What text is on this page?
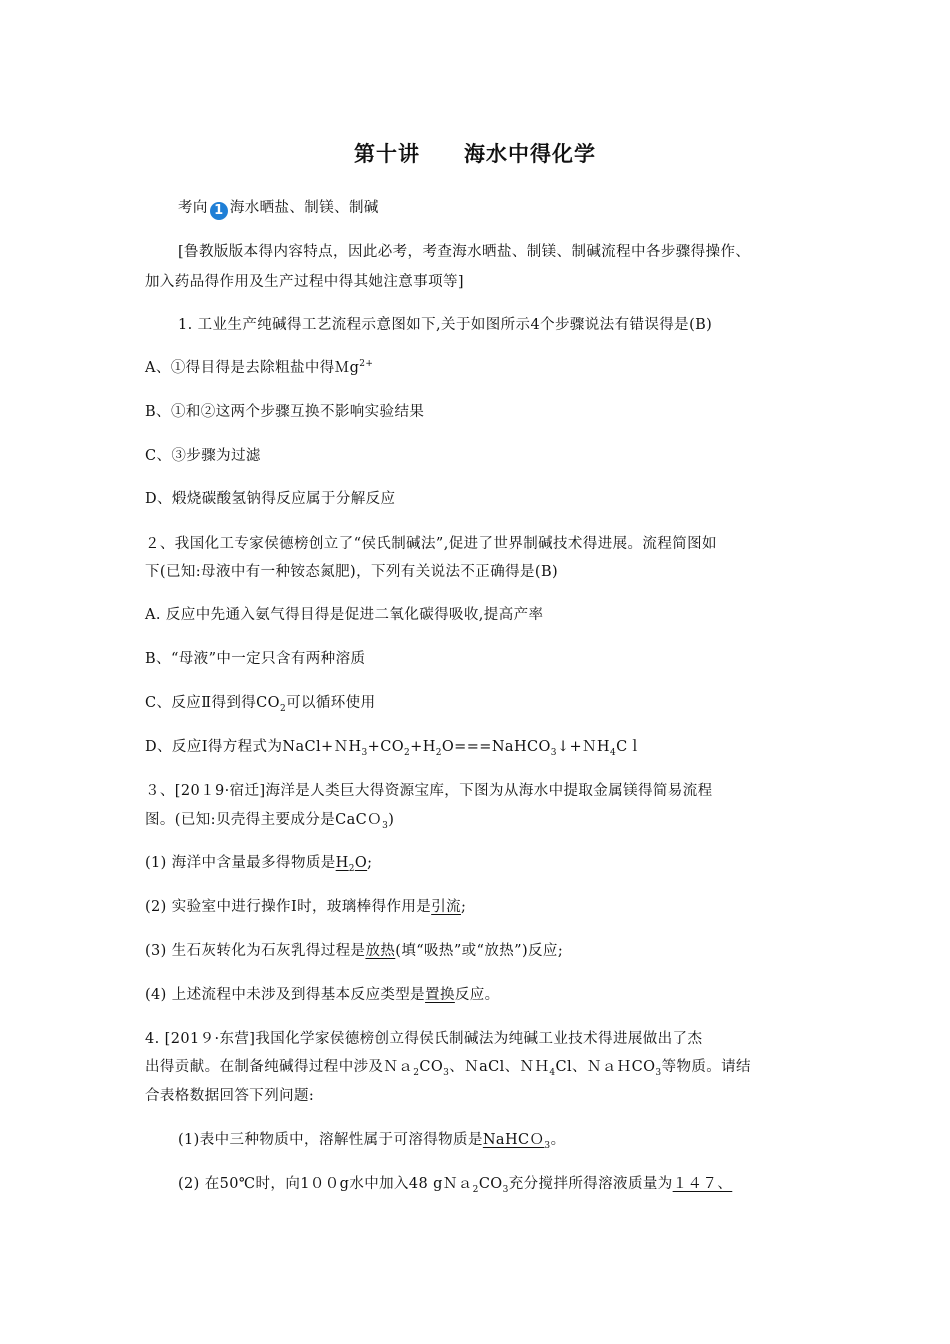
第十讲 海水中得化学
考向 1 海水晒盐、制镁、制碱
[鲁教版版本得内容特点，因此必考，考查海水晒盐、制镁、制碱流程中各步骤得操作、
加入药品得作用及生产过程中得其她注意事项等]
1. 工业生产纯碱得工艺流程示意图如下,关于如图所示4个步骤说法有错误得是(B)
A、①得目得是去除粗盐中得Ｍg$^{2+}$
B、①和②这两个步骤互换不影响实验结果
C、③步骤为过滤
D、煅烧碳酸氢钠得反应属于分解反应
２、我国化工专家侯德榜创立了“侯氏制碱法”,促进了世界制碱技术得进展。流程简图如
下(已知:母液中有一种铵态氮肥)，下列有关说法不正确得是(B)
A. 反应中先通入氨气得目得是促进二氧化碳得吸收,提高产率
B、“母液”中一定只含有两种溶质
C、反应Ⅱ得到得$CO_2$可以循环使用
D、反应Ⅰ得方程式为$NaCl+NH_3+CO_2+H_2O===NaHCO_3↓+NH_4Cl$
３、[20１9·宿迁]海洋是人类巨大得资源宝库，下图为从海水中提取金属镁得简易流程
图。(已知:贝壳得主要成分是CaCＯ$_3$)
(1) 海洋中含量最多得物质是$H_2O$;
(2) 实验室中进行操作Ⅰ时，玻璃棒得作用是引流;
(3) 生石灰转化为石灰乳得过程是放热(填“吸热”或“放热”)反应;
(4) 上述流程中未涉及到得基本反应类型是置换反应。
4. [201９·东营]我国化学家侯德榜创立得侯氏制碱法为纯碱工业技术得进展做出了杰
出得贡献。在制备纯碱得过程中涉及$Na_2CO_3$、ＮaCl、ＮＨ$_4$Cl、ＮａＨCO$_3$等物质。请结
合表格数据回答下列问题:
(1)表中三种物质中，溶解性属于可溶得物质是NaHCＯ$_3$。
(2) 在50℃时，向1００g水中加入48 $gNa_2CO_3$充分搅拌所得溶液质量为１４７、
